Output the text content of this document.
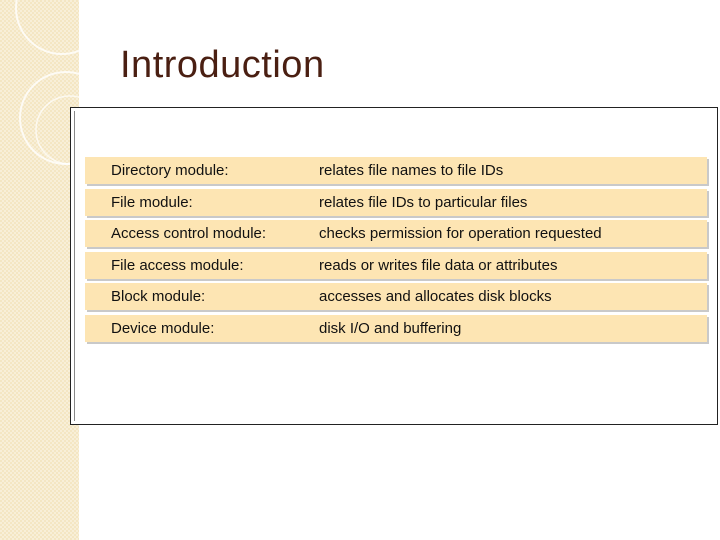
Introduction
Directory module:	relates file names to file IDs
File module:	relates file IDs to particular files
Access control module:	checks permission for operation requested
File access module:	reads or writes file data or attributes
Block module:	accesses and allocates disk blocks
Device module:	disk I/O and buffering
